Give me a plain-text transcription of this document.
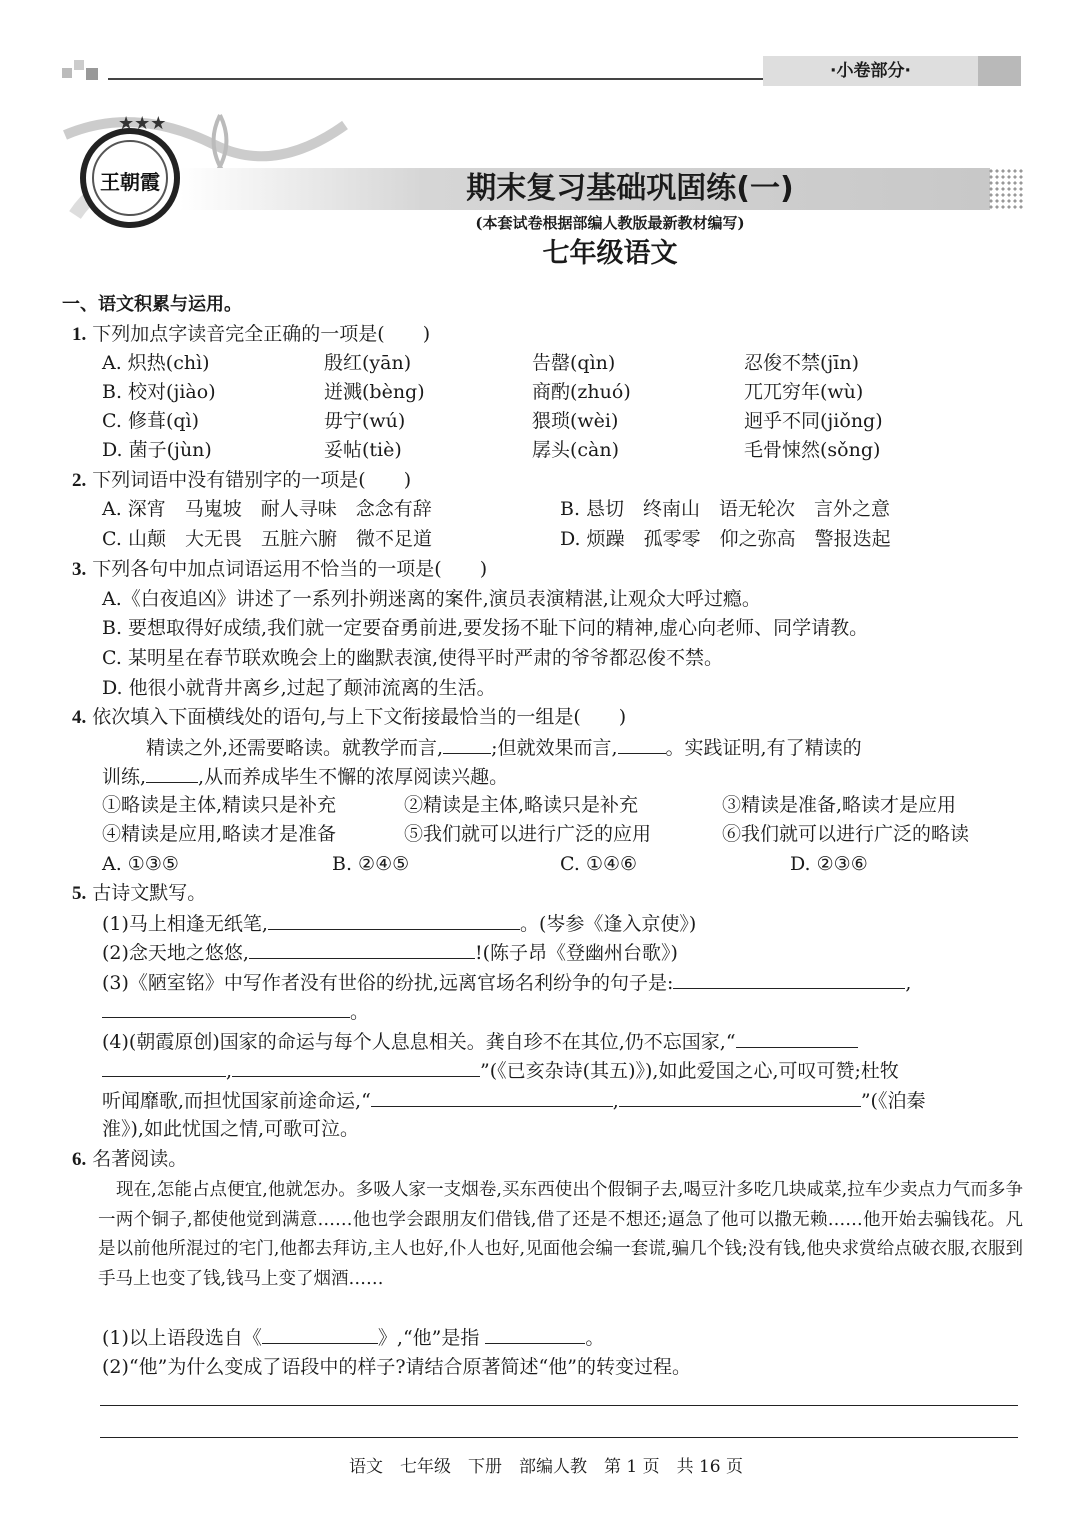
·小卷部分·
王朝霞
★★★
期末复习基础巩固练(一)
(本套试卷根据部编人教版最新教材编写)
七年级语文
一、语文积累与运用。
1. 下列加点字读音完全正确的一项是(　　)
A. 炽热(chì)	殷红(yān)	告罄(qìn)	忍俊不禁(jīn)
B. 校对(jiào)	迸溅(bèng)	商酌(zhuó)	兀兀穷年(wù)
C. 修葺(qì)	毋宁(wú)	猥琐(wèi)	迥乎不同(jiǒng)
D. 菌子(jùn)	妥帖(tiè)	孱头(càn)	毛骨悚然(sǒng)
2. 下列词语中没有错别字的一项是(　　)
A. 深宵　马嵬坡　耐人寻味　念念有辞	B. 恳切　终南山　语无轮次　言外之意
C. 山颠　大无畏　五脏六腑　微不足道	D. 烦躁　孤零零　仰之弥高　警报迭起
3. 下列各句中加点词语运用不恰当的一项是(　　)
A.《白夜追凶》讲述了一系列扑朔迷离的案件,演员表演精湛,让观众大呼过瘾。
B. 要想取得好成绩,我们就一定要奋勇前进,要发扬不耻下问的精神,虚心向老师、同学请教。
C. 某明星在春节联欢晚会上的幽默表演,使得平时严肃的爷爷都忍俊不禁。
D. 他很小就背井离乡,过起了颠沛流离的生活。
4. 依次填入下面横线处的语句,与上下文衔接最恰当的一组是(　　)
精读之外,还需要略读。就教学而言,	;但就效果而言,	。实践证明,有了精读的
训练,	,从而养成毕生不懈的浓厚阅读兴趣。
①略读是主体,精读只是补充	②精读是主体,略读只是补充	③精读是准备,略读才是应用
④精读是应用,略读才是准备	⑤我们就可以进行广泛的应用	⑥我们就可以进行广泛的略读
A. ①③⑤	B. ②④⑤	C. ①④⑥	D. ②③⑥
5. 古诗文默写。
(1)马上相逢无纸笔,	。(岑参《逢入京使》)
(2)念天地之悠悠,	!(陈子昂《登幽州台歌》)
(3)《陋室铭》中写作者没有世俗的纷扰,远离官场名利纷争的句子是:	,
。
(4)(朝霞原创)国家的命运与每个人息息相关。龚自珍不在其位,仍不忘国家,“
,	”(《已亥杂诗(其五)》),如此爱国之心,可叹可赞;杜牧
听闻靡歌,而担忧国家前途命运,“	,	”(《泊秦
淮》),如此忧国之情,可歌可泣。
6. 名著阅读。
现在,怎能占点便宜,他就怎办。多吸人家一支烟卷,买东西使出个假铜子去,喝豆汁多吃几块咸菜,拉车少卖点力气而多争一两个铜子,都使他觉到满意……他也学会跟朋友们借钱,借了还是不想还;逼急了他可以撒无赖……他开始去骗钱花。凡是以前他所混过的宅门,他都去拜访,主人也好,仆人也好,见面他会编一套谎,骗几个钱;没有钱,他央求赏给点破衣服,衣服到手马上也变了钱,钱马上变了烟酒……
(1)以上语段选自《	》,“他”是指	。
(2)“他”为什么变成了语段中的样子?请结合原著简述“他”的转变过程。
语文　七年级　下册　部编人教　第 1 页　共 16 页
